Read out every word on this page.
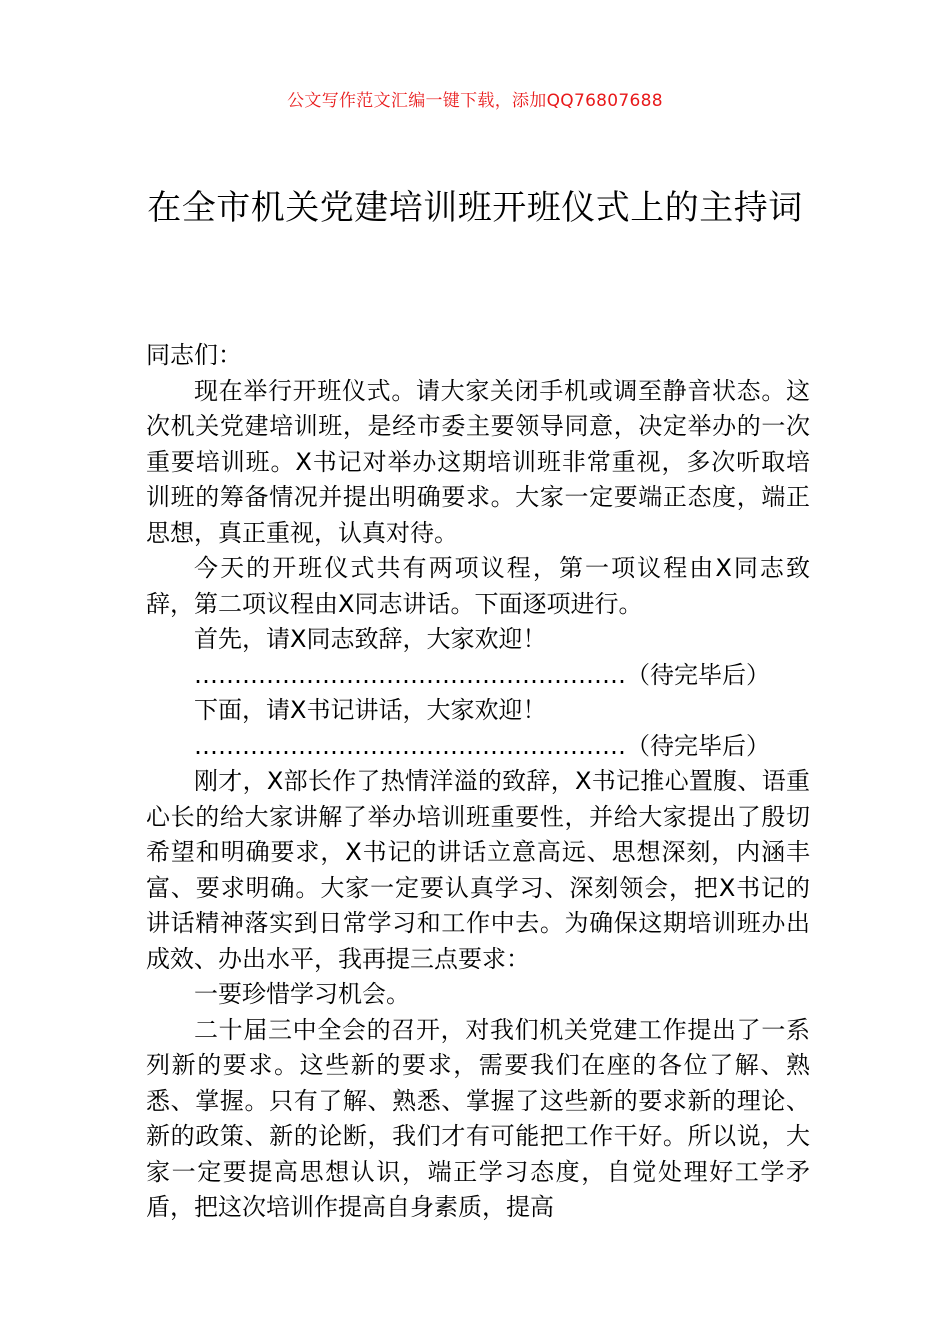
公文写作范文汇编一键下载，添加QQ76807688
在全市机关党建培训班开班仪式上的主持词

同志们：

现在举行开班仪式。请大家关闭手机或调至静音状态。这次机关党建培训班，是经市委主要领导同意，决定举办的一次重要培训班。X书记对举办这期培训班非常重视，多次听取培训班的筹备情况并提出明确要求。大家一定要端正态度，端正思想，真正重视，认真对待。

今天的开班仪式共有两项议程，第一项议程由X同志致辞，第二项议程由X同志讲话。下面逐项进行。

首先，请X同志致辞，大家欢迎！

………………………………………………（待完毕后）

下面，请X书记讲话，大家欢迎！

………………………………………………（待完毕后）

刚才，X部长作了热情洋溢的致辞，X书记推心置腹、语重心长的给大家讲解了举办培训班重要性，并给大家提出了殷切希望和明确要求，X书记的讲话立意高远、思想深刻，内涵丰富、要求明确。大家一定要认真学习、深刻领会，把X书记的讲话精神落实到日常学习和工作中去。为确保这期培训班办出成效、办出水平，我再提三点要求：

一要珍惜学习机会。

二十届三中全会的召开，对我们机关党建工作提出了一系列新的要求。这些新的要求，需要我们在座的各位了解、熟悉、掌握。只有了解、熟悉、掌握了这些新的要求新的理论、新的政策、新的论断，我们才有可能把工作干好。所以说，大家一定要提高思想认识，端正学习态度，自觉处理好工学矛盾，把这次培训作提高自身素质，提高
